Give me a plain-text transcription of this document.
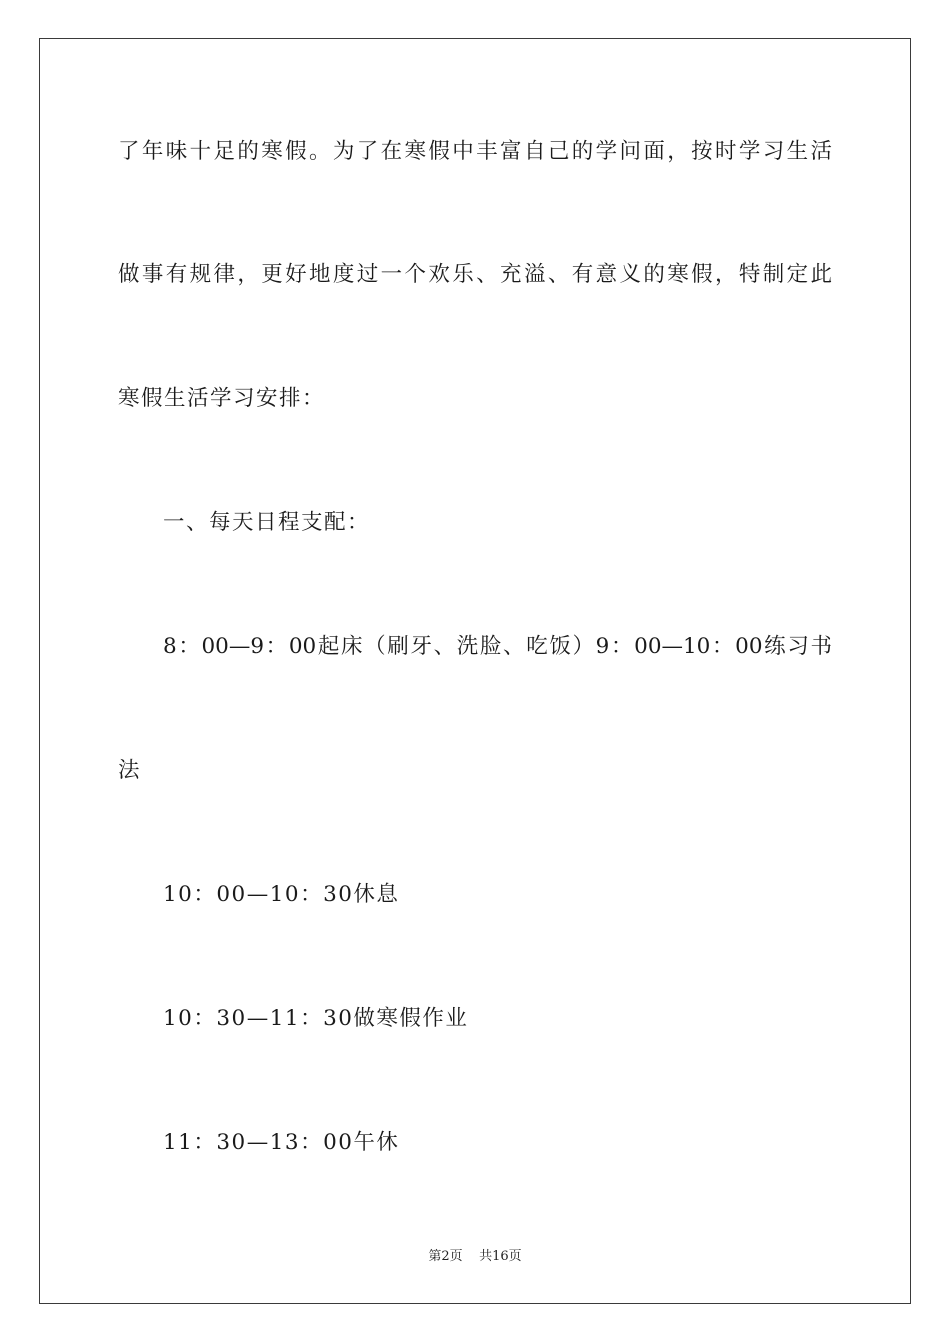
了年味十足的寒假。为了在寒假中丰富自己的学问面，按时学习生活
做事有规律，更好地度过一个欢乐、充溢、有意义的寒假，特制定此
寒假生活学习安排：
一、每天日程支配：
8：00—9：00起床（刷牙、洗脸、吃饭）9：00—10：00练习书
法
10：00—10：30休息
10：30—11：30做寒假作业
11：30—13：00午休
第2页    共16页
